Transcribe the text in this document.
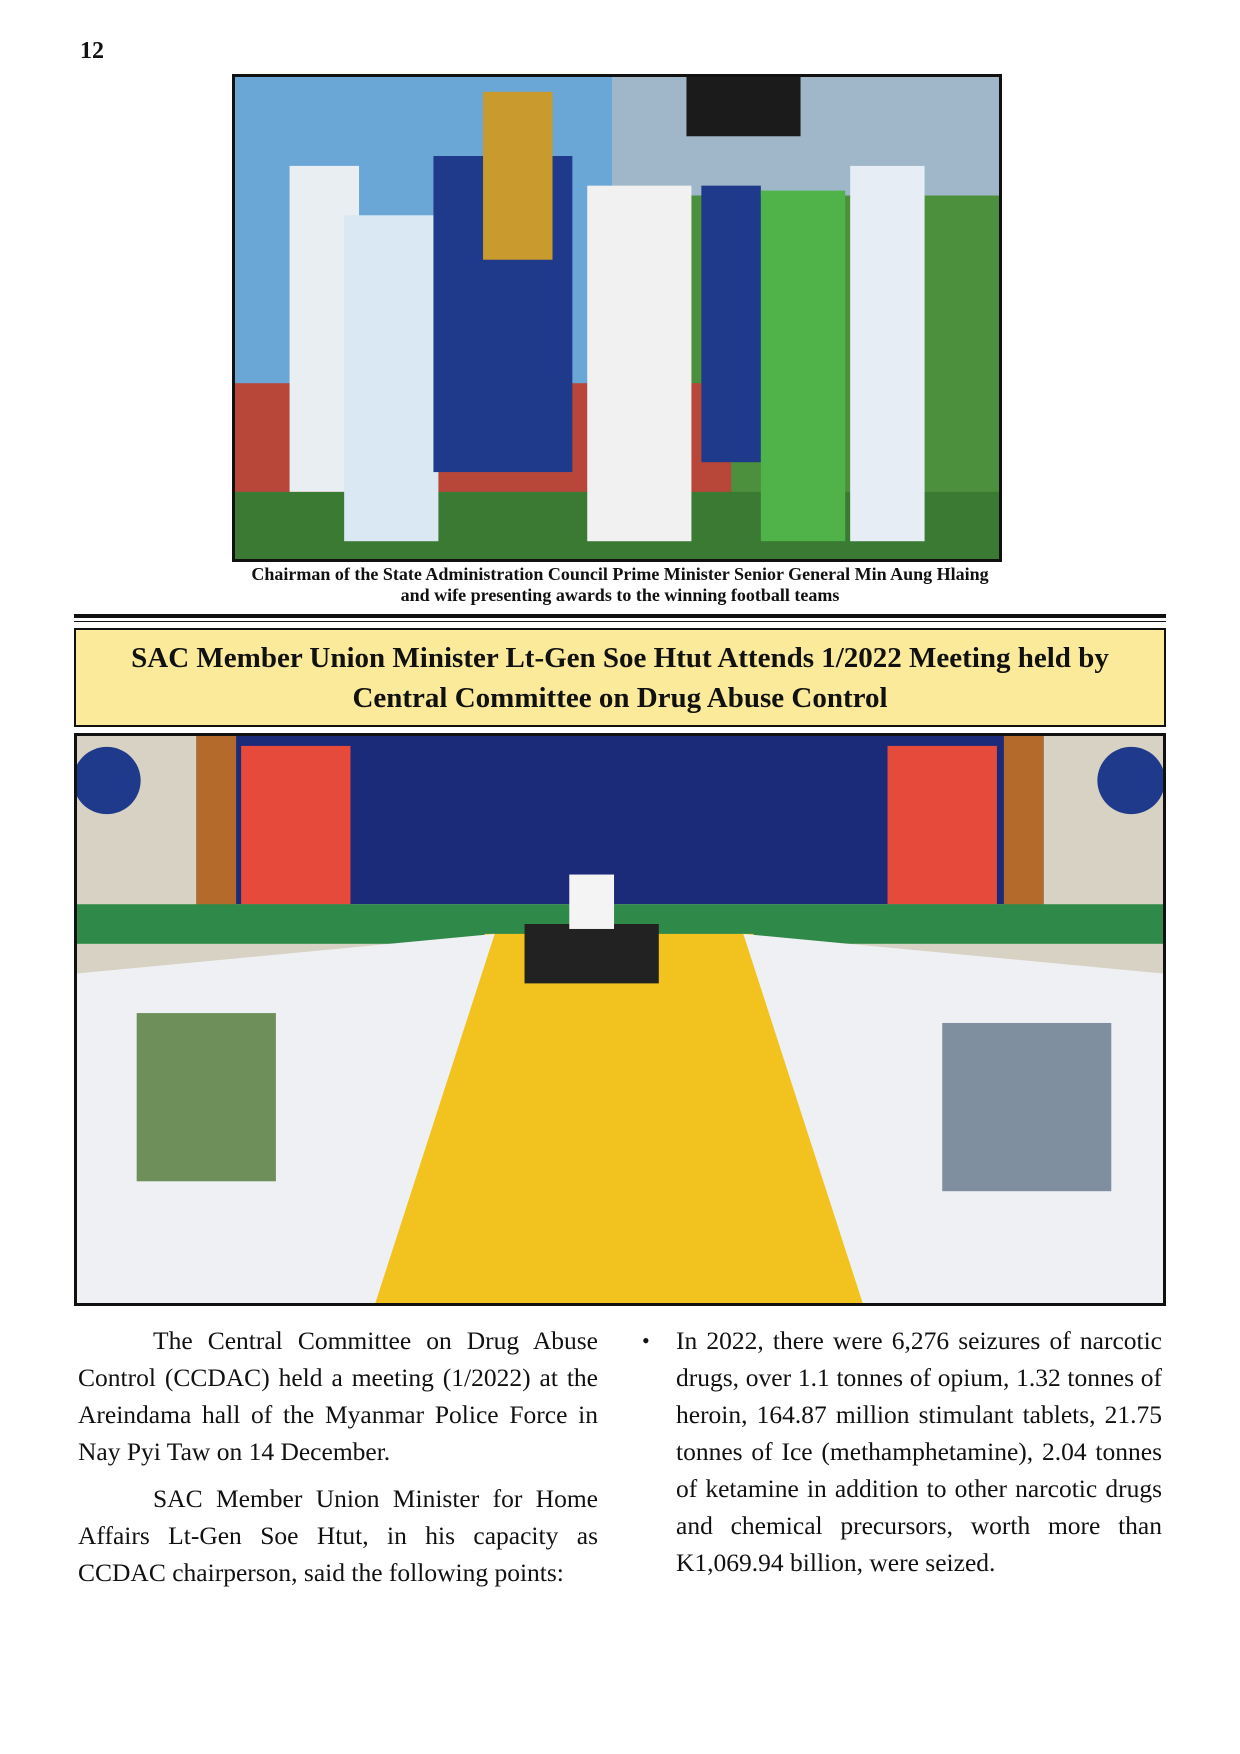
12
Chairman of the State Administration Council Prime Minister Senior General Min Aung Hlaing
and wife presenting awards to the winning football teams
SAC Member Union Minister Lt-Gen Soe Htut Attends 1/2022 Meeting held by
Central Committee on Drug Abuse Control

The Central Committee on Drug Abuse Control (CCDAC) held a meeting (1/2022) at the Areindama hall of the Myanmar Police Force in Nay Pyi Taw on 14 December.

SAC Member Union Minister for Home Affairs Lt-Gen Soe Htut, in his capacity as CCDAC chairperson, said the following points:

• In 2022, there were 6,276 seizures of narcotic drugs, over 1.1 tonnes of opium, 1.32 tonnes of heroin, 164.87 million stimulant tablets, 21.75 tonnes of Ice (methamphetamine), 2.04 tonnes of ketamine in addition to other narcotic drugs and chemical precursors, worth more than K1,069.94 billion, were seized.
